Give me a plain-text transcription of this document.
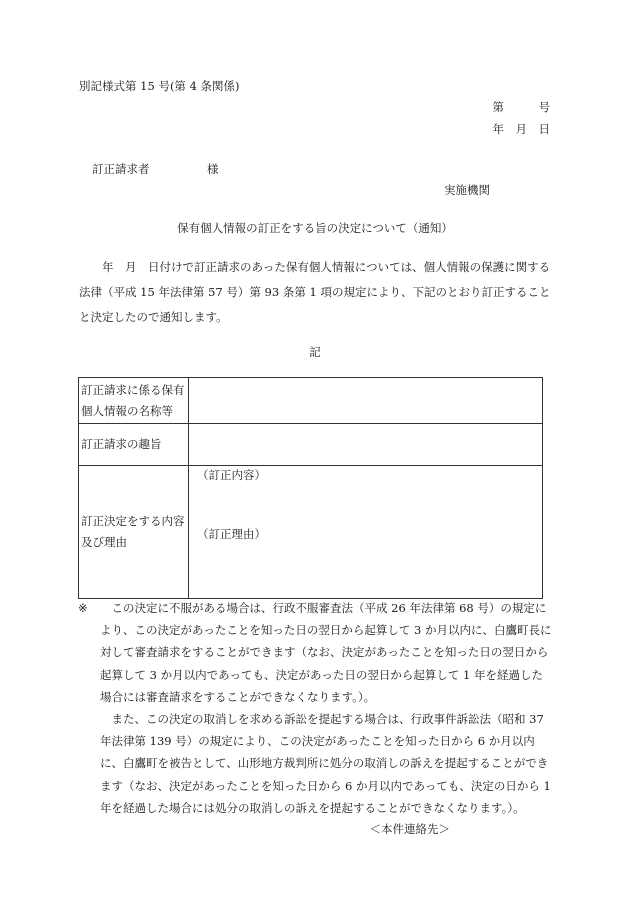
別記様式第 15 号(第 4 条関係)
第　　　号
年　月　日
訂正請求者　　　　　様
実施機関
保有個人情報の訂正をする旨の決定について（通知）
年　月　日付けで訂正請求のあった保有個人情報については、個人情報の保護に関する法律（平成 15 年法律第 57 号）第 93 条第 1 項の規定により、下記のとおり訂正することと決定したので通知します。
記
訂正請求に係る保有個人情報の名称等	
訂正請求の趣旨	
訂正決定をする内容及び理由	（訂正内容）
（訂正理由）
※	この決定に不服がある場合は、行政不服審査法（平成 26 年法律第 68 号）の規定により、この決定があったことを知った日の翌日から起算して 3 か月以内に、白鷹町長に対して審査請求をすることができます（なお、決定があったことを知った日の翌日から起算して 3 か月以内であっても、決定があった日の翌日から起算して 1 年を経過した場合には審査請求をすることができなくなります。）。
また、この決定の取消しを求める訴訟を提起する場合は、行政事件訴訟法（昭和 37 年法律第 139 号）の規定により、この決定があったことを知った日から 6 か月以内に、白鷹町を被告として、山形地方裁判所に処分の取消しの訴えを提起することができます（なお、決定があったことを知った日から 6 か月以内であっても、決定の日から 1 年を経過した場合には処分の取消しの訴えを提起することができなくなります。）。
＜本件連絡先＞
